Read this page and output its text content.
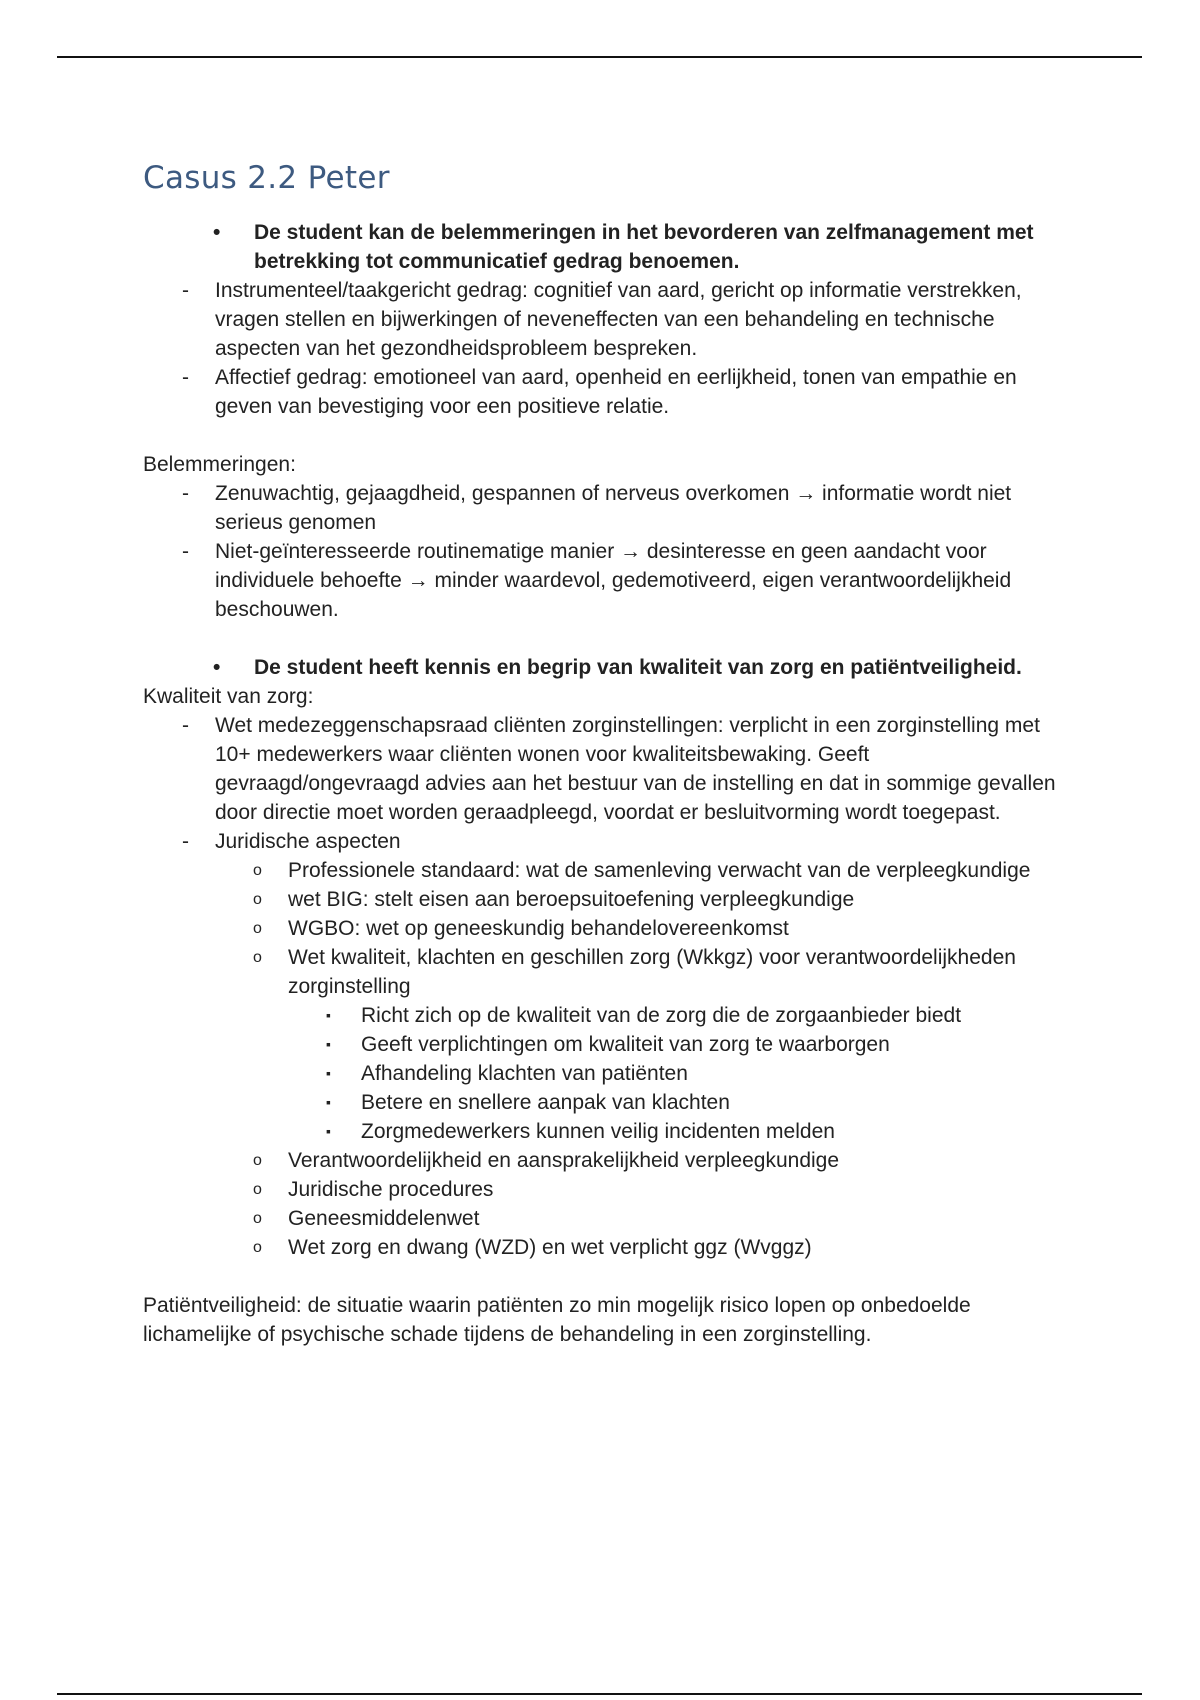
Casus 2.2 Peter
• De student kan de belemmeringen in het bevorderen van zelfmanagement met betrekking tot communicatief gedrag benoemen.
- Instrumenteel/taakgericht gedrag: cognitief van aard, gericht op informatie verstrekken, vragen stellen en bijwerkingen of neveneffecten van een behandeling en technische aspecten van het gezondheidsprobleem bespreken.
- Affectief gedrag: emotioneel van aard, openheid en eerlijkheid, tonen van empathie en geven van bevestiging voor een positieve relatie.
Belemmeringen:
- Zenuwachtig, gejaagdheid, gespannen of nerveus overkomen → informatie wordt niet serieus genomen
- Niet-geïnteresseerde routinematige manier → desinteresse en geen aandacht voor individuele behoefte → minder waardevol, gedemotiveerd, eigen verantwoordelijkheid beschouwen.
• De student heeft kennis en begrip van kwaliteit van zorg en patiëntveiligheid.
Kwaliteit van zorg:
- Wet medezeggenschapsraad cliënten zorginstellingen: verplicht in een zorginstelling met 10+ medewerkers waar cliënten wonen voor kwaliteitsbewaking. Geeft gevraagd/ongevraagd advies aan het bestuur van de instelling en dat in sommige gevallen door directie moet worden geraadpleegd, voordat er besluitvorming wordt toegepast.
- Juridische aspecten
o Professionele standaard: wat de samenleving verwacht van de verpleegkundige
o wet BIG: stelt eisen aan beroepsuitoefening verpleegkundige
o WGBO: wet op geneeskundig behandelovereenkomst
o Wet kwaliteit, klachten en geschillen zorg (Wkkgz) voor verantwoordelijkheden zorginstelling
▪ Richt zich op de kwaliteit van de zorg die de zorgaanbieder biedt
▪ Geeft verplichtingen om kwaliteit van zorg te waarborgen
▪ Afhandeling klachten van patiënten
▪ Betere en snellere aanpak van klachten
▪ Zorgmedewerkers kunnen veilig incidenten melden
o Verantwoordelijkheid en aansprakelijkheid verpleegkundige
o Juridische procedures
o Geneesmiddelenwet
o Wet zorg en dwang (WZD) en wet verplicht ggz (Wvggz)
Patiëntveiligheid: de situatie waarin patiënten zo min mogelijk risico lopen op onbedoelde lichamelijke of psychische schade tijdens de behandeling in een zorginstelling.
